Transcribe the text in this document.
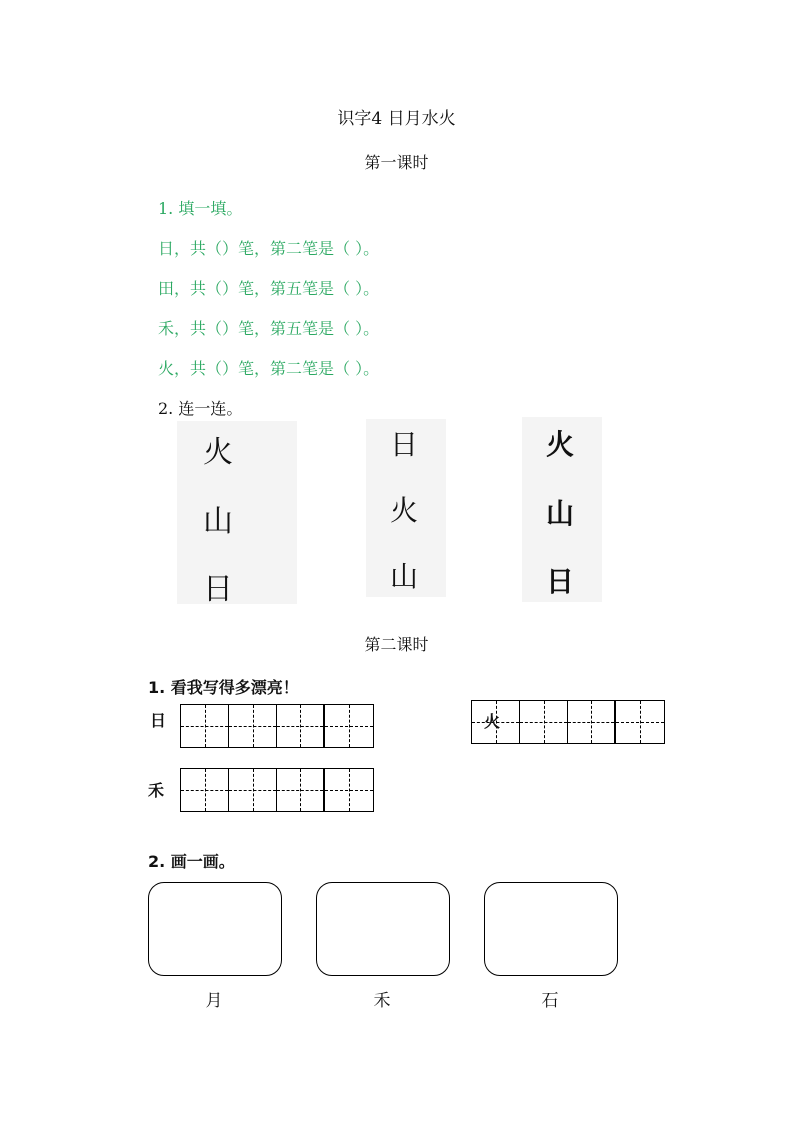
识字4 日月水火
第一课时
1. 填一填。
日，共（）笔，第二笔是（ ）。
田，共（）笔，第五笔是（ ）。
禾，共（）笔，第五笔是（ ）。
火，共（）笔，第二笔是（ ）。
2. 连一连。
火
山
日
日
火
山
火
山
日
第二课时
1. 看我写得多漂亮！
日
禾
火
2. 画一画。
月	禾	石
